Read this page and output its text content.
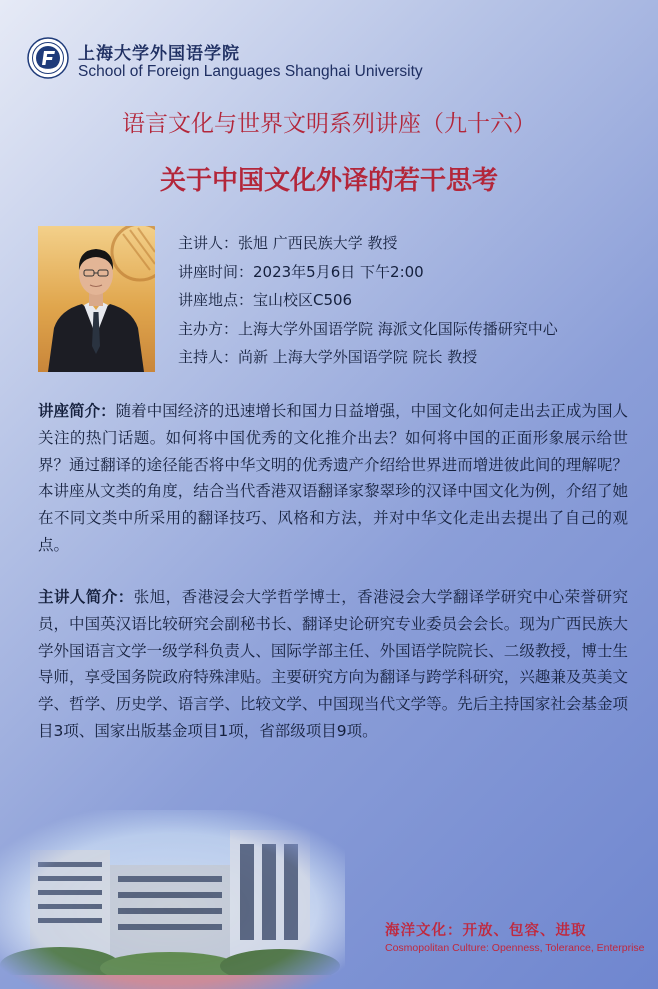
上海大学外国语学院
School of Foreign Languages Shanghai University
语言文化与世界文明系列讲座（九十六）
关于中国文化外译的若干思考
主讲人：张旭 广西民族大学 教授
讲座时间：2023年5月6日 下午2:00
讲座地点：宝山校区C506
主办方：上海大学外国语学院 海派文化国际传播研究中心
主持人：尚新 上海大学外国语学院 院长 教授
讲座简介：随着中国经济的迅速增长和国力日益增强，中国文化如何走出去正成为国人关注的热门话题。如何将中国优秀的文化推介出去？如何将中国的正面形象展示给世界？通过翻译的途径能否将中华文明的优秀遗产介绍给世界进而增进彼此间的理解呢？本讲座从文类的角度，结合当代香港双语翻译家黎翠珍的汉译中国文化为例，介绍了她在不同文类中所采用的翻译技巧、风格和方法，并对中华文化走出去提出了自己的观点。
主讲人简介：张旭，香港浸会大学哲学博士，香港浸会大学翻译学研究中心荣誉研究员，中国英汉语比较研究会副秘书长、翻译史论研究专业委员会会长。现为广西民族大学外国语言文学一级学科负责人、国际学部主任、外国语学院院长、二级教授，博士生导师，享受国务院政府特殊津贴。主要研究方向为翻译与跨学科研究，兴趣兼及英美文学、哲学、历史学、语言学、比较文学、中国现当代文学等。先后主持国家社会基金项目3项、国家出版基金项目1项，省部级项目9项。
海洋文化：开放、包容、进取
Cosmopolitan Culture: Openness, Tolerance, Enterprise
